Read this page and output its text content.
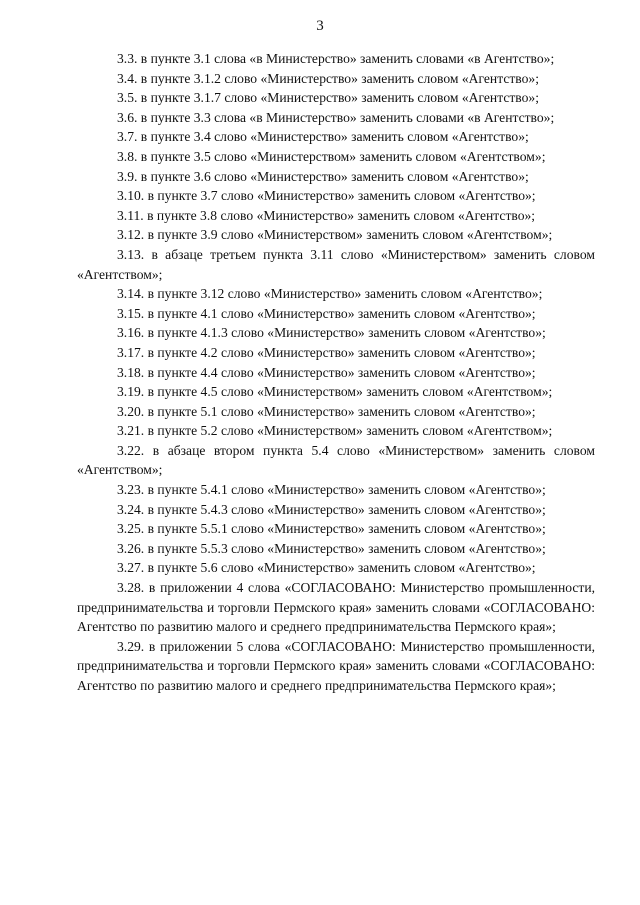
3

3.3. в пункте 3.1 слова «в Министерство» заменить словами «в Агентство»;

3.4. в пункте 3.1.2 слово «Министерство» заменить словом «Агентство»;

3.5. в пункте 3.1.7 слово «Министерство» заменить словом «Агентство»;

3.6. в пункте 3.3 слова «в Министерство» заменить словами «в Агентство»;

3.7. в пункте 3.4 слово «Министерство» заменить словом «Агентство»;

3.8. в пункте 3.5 слово «Министерством» заменить словом «Агентством»;

3.9. в пункте 3.6 слово «Министерство» заменить словом «Агентство»;

3.10. в пункте 3.7 слово «Министерство» заменить словом «Агентство»;

3.11. в пункте 3.8 слово «Министерство» заменить словом «Агентство»;

3.12. в пункте 3.9 слово «Министерством» заменить словом «Агентством»;

3.13. в абзаце третьем пункта 3.11 слово «Министерством» заменить словом «Агентством»;

3.14. в пункте 3.12 слово «Министерство» заменить словом «Агентство»;

3.15. в пункте 4.1 слово «Министерство» заменить словом «Агентство»;

3.16. в пункте 4.1.3 слово «Министерство» заменить словом «Агентство»;

3.17. в пункте 4.2 слово «Министерство» заменить словом «Агентство»;

3.18. в пункте 4.4 слово «Министерство» заменить словом «Агентство»;

3.19. в пункте 4.5 слово «Министерством» заменить словом «Агентством»;

3.20. в пункте 5.1 слово «Министерство» заменить словом «Агентство»;

3.21. в пункте 5.2 слово «Министерством» заменить словом «Агентством»;

3.22. в абзаце втором пункта 5.4 слово «Министерством» заменить словом «Агентством»;

3.23. в пункте 5.4.1 слово «Министерство» заменить словом «Агентство»;

3.24. в пункте 5.4.3 слово «Министерство» заменить словом «Агентство»;

3.25. в пункте 5.5.1 слово «Министерство» заменить словом «Агентство»;

3.26. в пункте 5.5.3 слово «Министерство» заменить словом «Агентство»;

3.27. в пункте 5.6 слово «Министерство» заменить словом «Агентство»;

3.28. в приложении 4 слова «СОГЛАСОВАНО: Министерство промышленности, предпринимательства и торговли Пермского края» заменить словами «СОГЛАСОВАНО: Агентство по развитию малого и среднего предпринимательства Пермского края»;

3.29. в приложении 5 слова «СОГЛАСОВАНО: Министерство промышленности, предпринимательства и торговли Пермского края» заменить словами «СОГЛАСОВАНО: Агентство по развитию малого и среднего предпринимательства Пермского края»;
